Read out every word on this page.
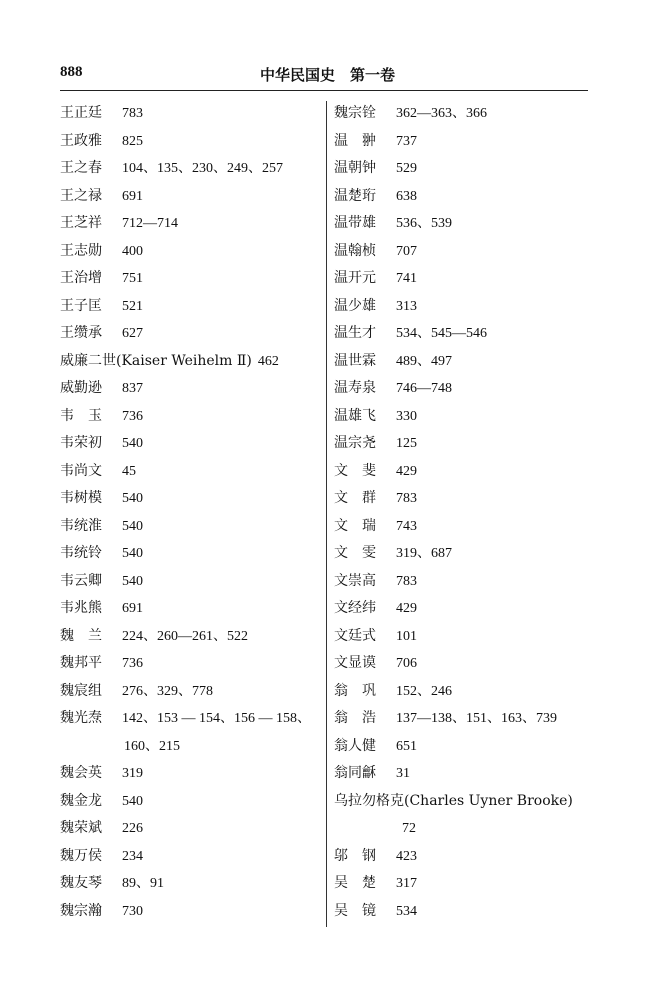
888	中华民国史　第一卷
王正廷 783
王政雅 825
王之春 104、135、230、249、257
王之禄 691
王芝祥 712—714
王志勋 400
王治增 751
王子匡 521
王缵承 627
威廉二世(Kaiser Weihelm Ⅱ) 462
威勤逊 837
韦　玉 736
韦荣初 540
韦尚文 45
韦树模 540
韦统淮 540
韦统铃 540
韦云卿 540
韦兆熊 691
魏　兰 224、260—261、522
魏邦平 736
魏宸组 276、329、778
魏光焘 142、153 — 154、156 — 158、
160、215
魏会英 319
魏金龙 540
魏荣斌 226
魏万侯 234
魏友琴 89、91
魏宗瀚 730
魏宗铨 362—363、366
温　翀 737
温朝钟 529
温楚珩 638
温带雄 536、539
温翰桢 707
温开元 741
温少雄 313
温生才 534、545—546
温世霖 489、497
温寿泉 746—748
温雄飞 330
温宗尧 125
文　斐 429
文　群 783
文　瑞 743
文　雯 319、687
文崇高 783
文经纬 429
文廷式 101
文显谟 706
翁　巩 152、246
翁　浩 137—138、151、163、739
翁人健 651
翁同龢 31
乌拉勿格克(Charles Uyner Brooke)
72
邬　钢 423
吴　楚 317
吴　镜 534
